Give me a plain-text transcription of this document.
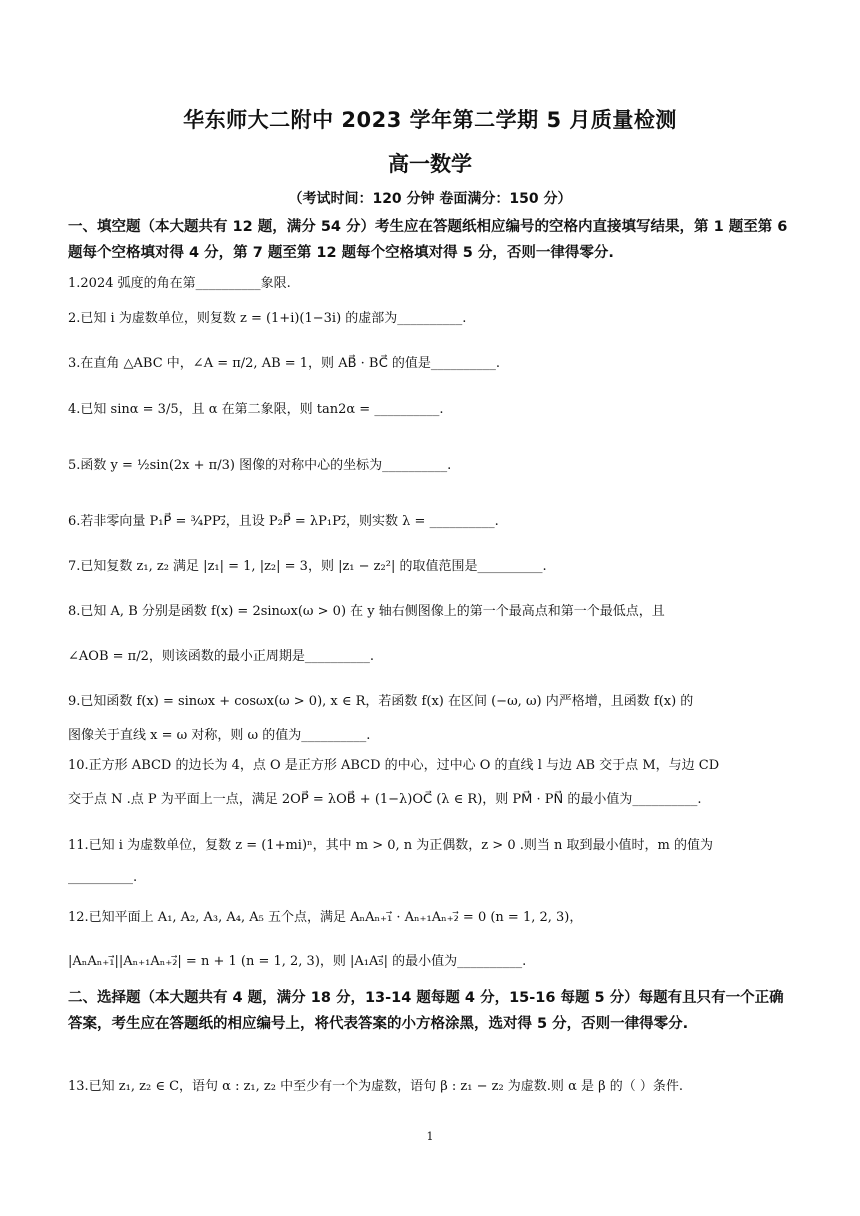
华东师大二附中 2023 学年第二学期 5 月质量检测
高一数学
（考试时间：120 分钟 卷面满分：150 分）
一、填空题（本大题共有 12 题，满分 54 分）考生应在答题纸相应编号的空格内直接填写结果，第 1 题至第 6 题每个空格填对得 4 分，第 7 题至第 12 题每个空格填对得 5 分，否则一律得零分.
1.2024 弧度的角在第__________象限.
2.已知 i 为虚数单位，则复数 z = (1+i)(1−3i) 的虚部为__________.
3.在直角 △ABC 中，∠A = π/2, AB = 1，则 AB⃗ · BC⃗ 的值是__________.
4.已知 sinα = 3/5，且 α 在第二象限，则 tan2α = __________.
5.函数 y = ½sin(2x + π/3) 图像的对称中心的坐标为__________.
6.若非零向量 P₁P⃗ = ¾PP₂⃗，且设 P₂P⃗ = λP₁P₂⃗，则实数 λ = __________.
7.已知复数 z₁, z₂ 满足 |z₁| = 1, |z₂| = 3，则 |z₁ − z₂²| 的取值范围是__________.
8.已知 A, B 分别是函数 f(x) = 2sinωx(ω > 0) 在 y 轴右侧图像上的第一个最高点和第一个最低点，且
∠AOB = π/2，则该函数的最小正周期是__________.
9.已知函数 f(x) = sinωx + cosωx(ω > 0), x ∈ R，若函数 f(x) 在区间 (−ω, ω) 内严格增，且函数 f(x) 的
图像关于直线 x = ω 对称，则 ω 的值为__________.
10.正方形 ABCD 的边长为 4，点 O 是正方形 ABCD 的中心，过中心 O 的直线 l 与边 AB 交于点 M，与边 CD
交于点 N .点 P 为平面上一点，满足 2OP⃗ = λOB⃗ + (1−λ)OC⃗ (λ ∈ R)，则 PM⃗ · PN⃗ 的最小值为__________.
11.已知 i 为虚数单位，复数 z = (1+mi)ⁿ，其中 m > 0, n 为正偶数，z > 0 .则当 n 取到最小值时，m 的值为
__________.
12.已知平面上 A₁, A₂, A₃, A₄, A₅ 五个点，满足 AₙAₙ₊₁⃗ · Aₙ₊₁Aₙ₊₂⃗ = 0 (n = 1, 2, 3)，
|AₙAₙ₊₁⃗||Aₙ₊₁Aₙ₊₂⃗| = n + 1 (n = 1, 2, 3)，则 |A₁A₅⃗| 的最小值为__________.
二、选择题（本大题共有 4 题，满分 18 分，13-14 题每题 4 分，15-16 每题 5 分）每题有且只有一个正确答案，考生应在答题纸的相应编号上，将代表答案的小方格涂黑，选对得 5 分，否则一律得零分.
13.已知 z₁, z₂ ∈ C，语句 α : z₁, z₂ 中至少有一个为虚数，语句 β : z₁ − z₂ 为虚数.则 α 是 β 的（ ）条件.
1
